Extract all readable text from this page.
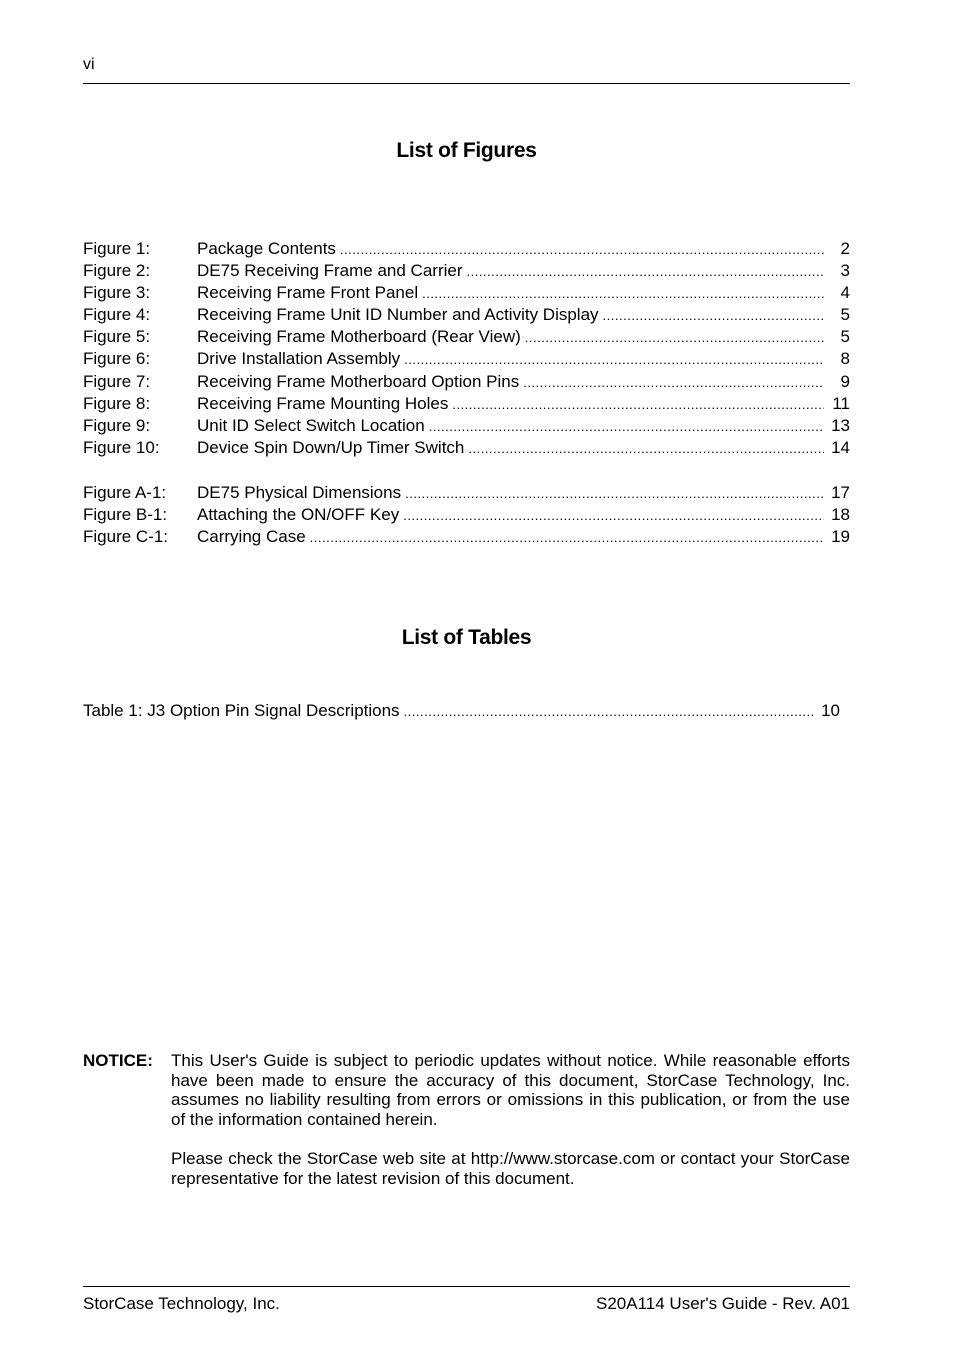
vi
List of Figures
Figure 1:	Package Contents .....	2
Figure 2:	DE75 Receiving Frame and Carrier .....	3
Figure 3:	Receiving Frame Front Panel .....	4
Figure 4:	Receiving Frame Unit ID Number and Activity Display .....	5
Figure 5:	Receiving Frame Motherboard (Rear View) .....	5
Figure 6:	Drive Installation Assembly .....	8
Figure 7:	Receiving Frame Motherboard Option Pins .....	9
Figure 8:	Receiving Frame Mounting Holes .....	11
Figure 9:	Unit ID Select Switch Location .....	13
Figure 10: Device Spin Down/Up Timer Switch .....	14
Figure A-1: DE75 Physical Dimensions .....	17
Figure B-1: Attaching the ON/OFF Key .....	18
Figure C-1: Carrying Case .....	19
List of Tables
Table 1: J3 Option Pin Signal Descriptions .....	10
NOTICE: This User's Guide is subject to periodic updates without notice. While reasonable efforts have been made to ensure the accuracy of this document, StorCase Technology, Inc. assumes no liability resulting from errors or omissions in this publication, or from the use of the information contained herein.

Please check the StorCase web site at http://www.storcase.com or contact your StorCase representative for the latest revision of this document.

StorCase Technology, Inc.	S20A114 User's Guide - Rev. A01
